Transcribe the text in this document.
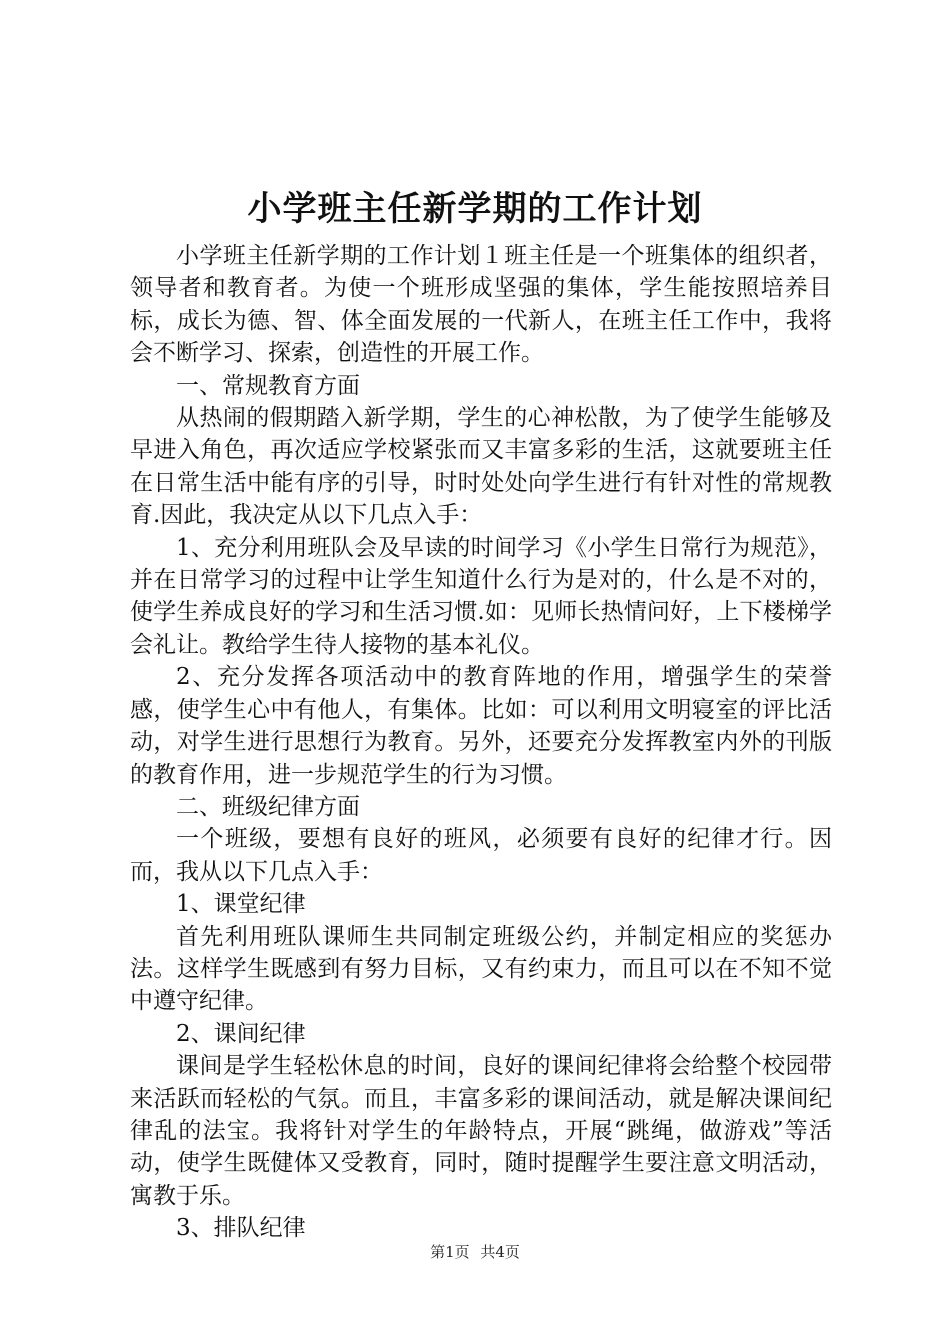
小学班主任新学期的工作计划

小学班主任新学期的工作计划１班主任是一个班集体的组织者，领导者和教育者。为使一个班形成坚强的集体，学生能按照培养目标，成长为德、智、体全面发展的一代新人，在班主任工作中，我将会不断学习、探索，创造性的开展工作。

一、常规教育方面

从热闹的假期踏入新学期，学生的心神松散，为了使学生能够及早进入角色，再次适应学校紧张而又丰富多彩的生活，这就要班主任在日常生活中能有序的引导，时时处处向学生进行有针对性的常规教育.因此，我决定从以下几点入手：

1、充分利用班队会及早读的时间学习《小学生日常行为规范》，并在日常学习的过程中让学生知道什么行为是对的，什么是不对的，使学生养成良好的学习和生活习惯.如：见师长热情问好，上下楼梯学会礼让。教给学生待人接物的基本礼仪。

2、充分发挥各项活动中的教育阵地的作用，增强学生的荣誉感，使学生心中有他人，有集体。比如：可以利用文明寝室的评比活动，对学生进行思想行为教育。另外，还要充分发挥教室内外的刊版的教育作用，进一步规范学生的行为习惯。

二、班级纪律方面

一个班级，要想有良好的班风，必须要有良好的纪律才行。因而，我从以下几点入手：

1、课堂纪律

首先利用班队课师生共同制定班级公约，并制定相应的奖惩办法。这样学生既感到有努力目标，又有约束力，而且可以在不知不觉中遵守纪律。

2、课间纪律

课间是学生轻松休息的时间，良好的课间纪律将会给整个校园带来活跃而轻松的气氛。而且，丰富多彩的课间活动，就是解决课间纪律乱的法宝。我将针对学生的年龄特点，开展“跳绳，做游戏”等活动，使学生既健体又受教育，同时，随时提醒学生要注意文明活动，寓教于乐。

3、排队纪律

第1页 共4页
